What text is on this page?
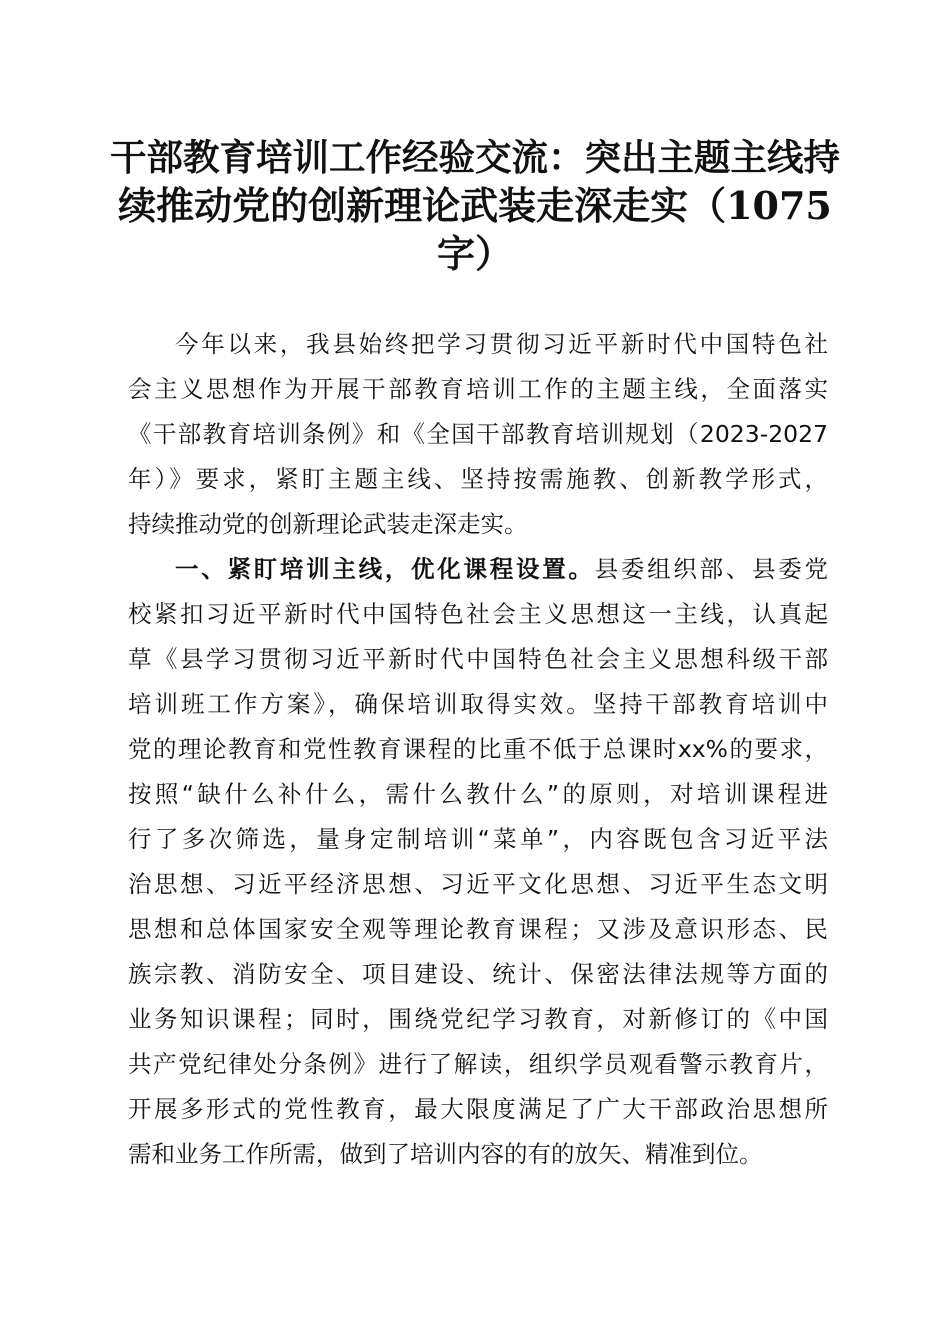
干部教育培训工作经验交流：突出主题主线持
续推动党的创新理论武装走深走实（1075
字）
今年以来，我县始终把学习贯彻习近平新时代中国特色社
会主义思想作为开展干部教育培训工作的主题主线，全面落实
《干部教育培训条例》和《全国干部教育培训规划（2023-2027
年）》要求，紧盯主题主线、坚持按需施教、创新教学形式，
持续推动党的创新理论武装走深走实。
一、紧盯培训主线，优化课程设置。县委组织部、县委党
校紧扣习近平新时代中国特色社会主义思想这一主线，认真起
草《县学习贯彻习近平新时代中国特色社会主义思想科级干部
培训班工作方案》，确保培训取得实效。坚持干部教育培训中
党的理论教育和党性教育课程的比重不低于总课时xx%的要求，
按照“缺什么补什么，需什么教什么”的原则，对培训课程进
行了多次筛选，量身定制培训“菜单”，内容既包含习近平法
治思想、习近平经济思想、习近平文化思想、习近平生态文明
思想和总体国家安全观等理论教育课程；又涉及意识形态、民
族宗教、消防安全、项目建设、统计、保密法律法规等方面的
业务知识课程；同时，围绕党纪学习教育，对新修订的《中国
共产党纪律处分条例》进行了解读，组织学员观看警示教育片，
开展多形式的党性教育，最大限度满足了广大干部政治思想所
需和业务工作所需，做到了培训内容的有的放矢、精准到位。
